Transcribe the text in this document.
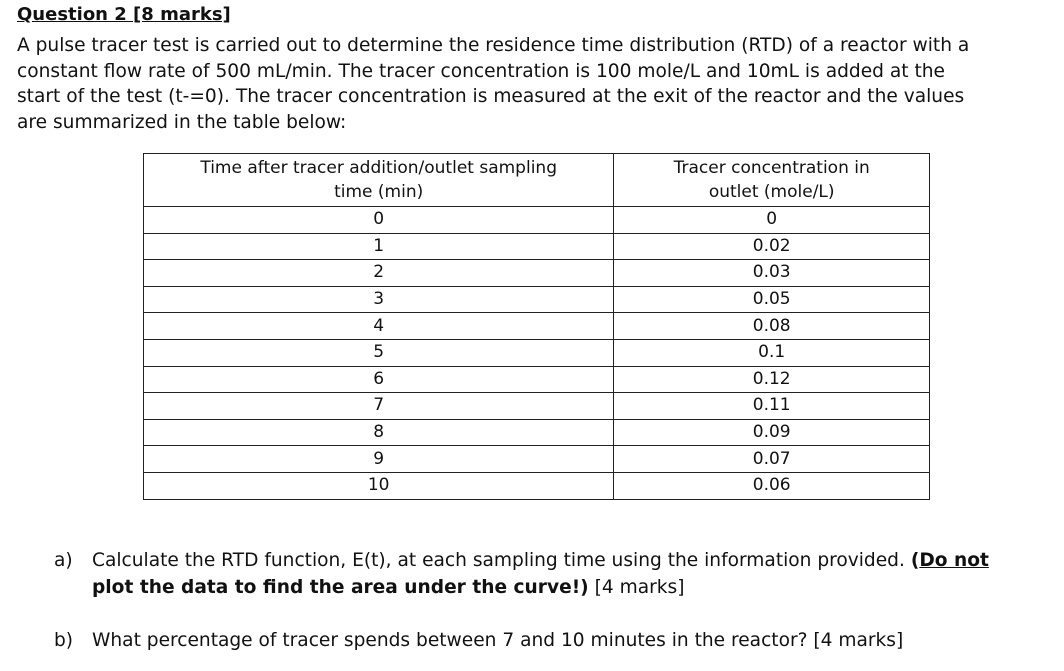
Question 2 [8 marks]
A pulse tracer test is carried out to determine the residence time distribution (RTD) of a reactor with a
constant flow rate of 500 mL/min. The tracer concentration is 100 mole/L and 10mL is added at the
start of the test (t-=0). The tracer concentration is measured at the exit of the reactor and the values
are summarized in the table below:
Time after tracer addition/outlet sampling
time (min)	Tracer concentration in
outlet (mole/L)
0	0
1	0.02
2	0.03
3	0.05
4	0.08
5	0.1
6	0.12
7	0.11
8	0.09
9	0.07
10	0.06
a) Calculate the RTD function, E(t), at each sampling time using the information provided. (Do not
plot the data to find the area under the curve!) [4 marks]
b) What percentage of tracer spends between 7 and 10 minutes in the reactor? [4 marks]
